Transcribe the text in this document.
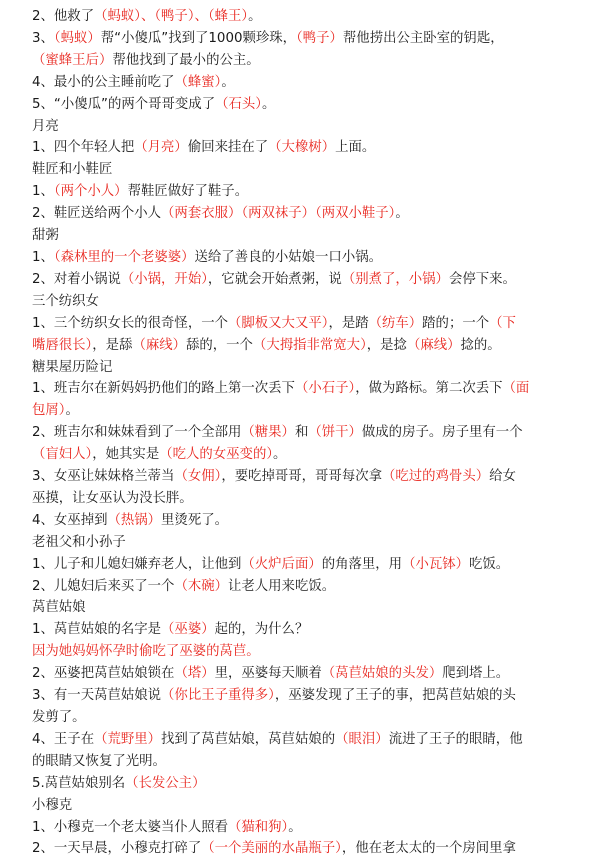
2、他救了（蚂蚁）、（鸭子）、（蜂王）。
3、（蚂蚁）帮“小傻瓜”找到了1000颗珍珠，（鸭子）帮他捞出公主卧室的钥匙，
（蜜蜂王后）帮他找到了最小的公主。
4、最小的公主睡前吃了（蜂蜜）。
5、“小傻瓜”的两个哥哥变成了（石头）。
月亮
1、四个年轻人把（月亮）偷回来挂在了（大橡树）上面。
鞋匠和小鞋匠
1、（两个小人）帮鞋匠做好了鞋子。
2、鞋匠送给两个小人（两套衣服）（两双袜子）（两双小鞋子）。
甜粥
1、（森林里的一个老婆婆）送给了善良的小姑娘一口小锅。
2、对着小锅说（小锅，开始），它就会开始煮粥，说（别煮了，小锅）会停下来。
三个纺织女
1、三个纺织女长的很奇怪，一个（脚板又大又平），是踏（纺车）踏的；一个（下
嘴唇很长），是舔（麻线）舔的，一个（大拇指非常宽大），是捻（麻线）捻的。
糖果屋历险记
1、班吉尔在新妈妈扔他们的路上第一次丢下（小石子），做为路标。第二次丢下（面
包屑）。
2、班吉尔和妹妹看到了一个全部用（糖果）和（饼干）做成的房子。房子里有一个
（盲妇人），她其实是（吃人的女巫变的）。
3、女巫让妹妹格兰蒂当（女佣），要吃掉哥哥，哥哥每次拿（吃过的鸡骨头）给女
巫摸，让女巫认为没长胖。
4、女巫掉到（热锅）里烫死了。
老祖父和小孙子
1、儿子和儿媳妇嫌弃老人，让他到（火炉后面）的角落里，用（小瓦钵）吃饭。
2、儿媳妇后来买了一个（木碗）让老人用来吃饭。
莴苣姑娘
1、莴苣姑娘的名字是（巫婆）起的，为什么？
因为她妈妈怀孕时偷吃了巫婆的莴苣。
2、巫婆把莴苣姑娘锁在（塔）里，巫婆每天顺着（莴苣姑娘的头发）爬到塔上。
3、有一天莴苣姑娘说（你比王子重得多），巫婆发现了王子的事，把莴苣姑娘的头
发剪了。
4、王子在（荒野里）找到了莴苣姑娘，莴苣姑娘的（眼泪）流进了王子的眼睛，他
的眼睛又恢复了光明。
5.莴苣姑娘别名（长发公主）
小穆克
1、小穆克一个老太婆当仆人照看（猫和狗）。
2、一天早晨，小穆克打碎了（一个美丽的水晶瓶子），他在老太太的一个房间里拿
